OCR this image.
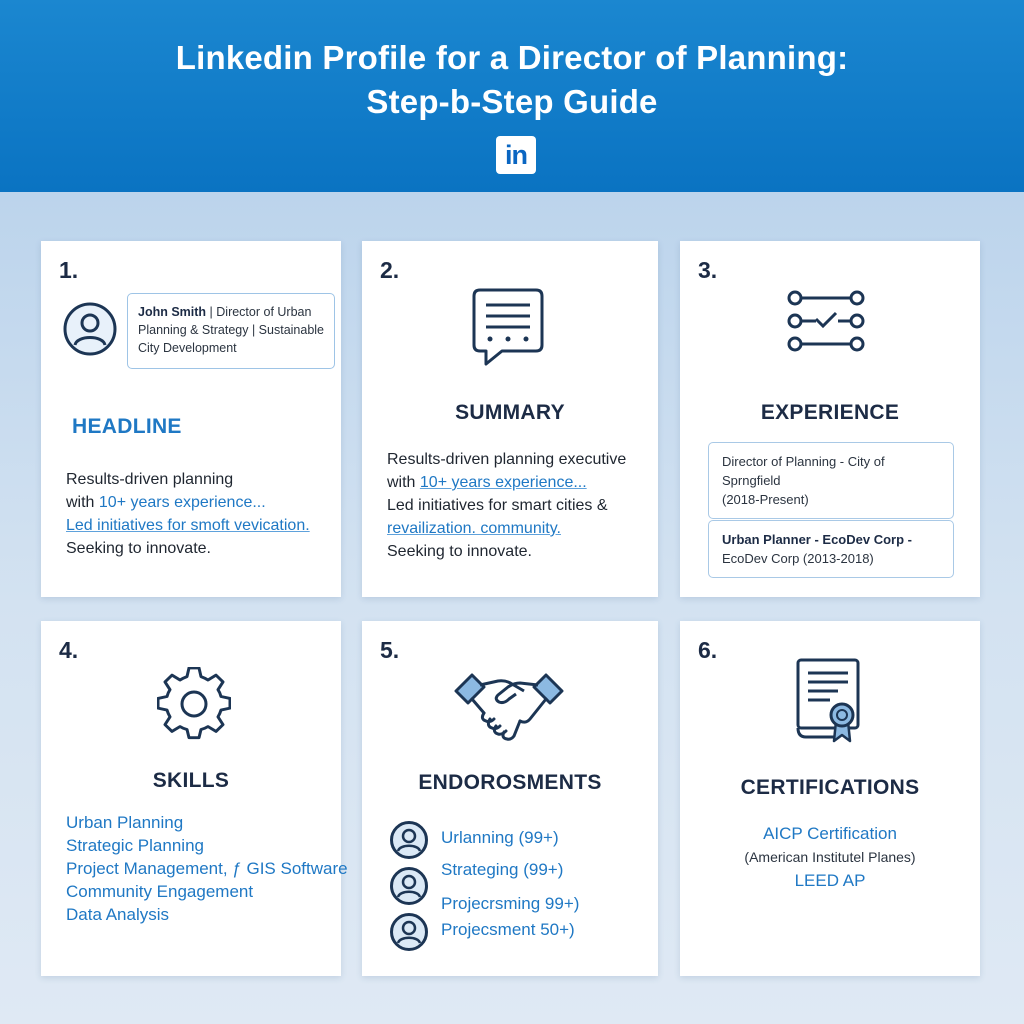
Linkedin Profile for a Director of Planning:
Step-b-Step Guide
in
1.
John Smith | Director of Urban
Planning & Strategy | Sustainable
City Development
HEADLINE
Results-driven planning
with 10+ years experience...
Led initiatives for smoft vevication.
Seeking to innovate.
2.
SUMMARY
Results-driven planning executive
with 10+ years experience...
Led initiatives for smart cities &
revailization. community.
Seeking to innovate.
3.
EXPERIENCE
Director of Planning - City of Sprngfield
(2018-Present)
Urban Planner - EcoDev Corp -
EcoDev Corp (2013-2018)
4.
SKILLS
Urban Planning
Strategic Planning
Project Management, ƒ GIS Software
Community Engagement
Data Analysis
5.
ENDOROSMENTS
Urlanning (99+)
Strateging (99+)
Projecrsming 99+)
Projecsment 50+)
6.
CERTIFICATIONS
AICP Certification
(American Institutel Planes)
LEED AP
